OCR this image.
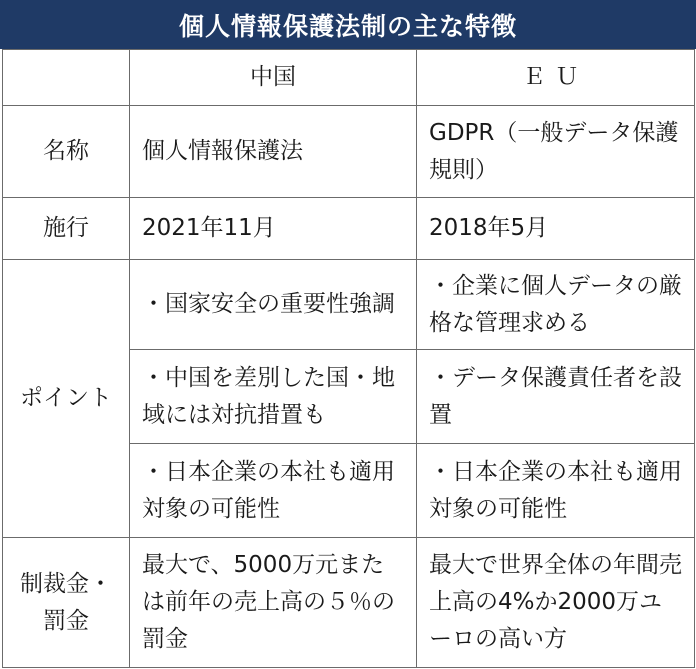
個人情報保護法制の主な特徴
	中国	ＥＵ
名称	個人情報保護法	GDPR（一般データ保護規則）
施行	2021年11月	2018年5月
ポイント	・国家安全の重要性強調	・企業に個人データの厳格な管理求める
	・中国を差別した国・地域には対抗措置も	・データ保護責任者を設置
	・日本企業の本社も適用対象の可能性	・日本企業の本社も適用対象の可能性
制裁金・罰金	最大で、5000万元または前年の売上高の５％の罰金	最大で世界全体の年間売上高の4%か2000万ユーロの高い方
